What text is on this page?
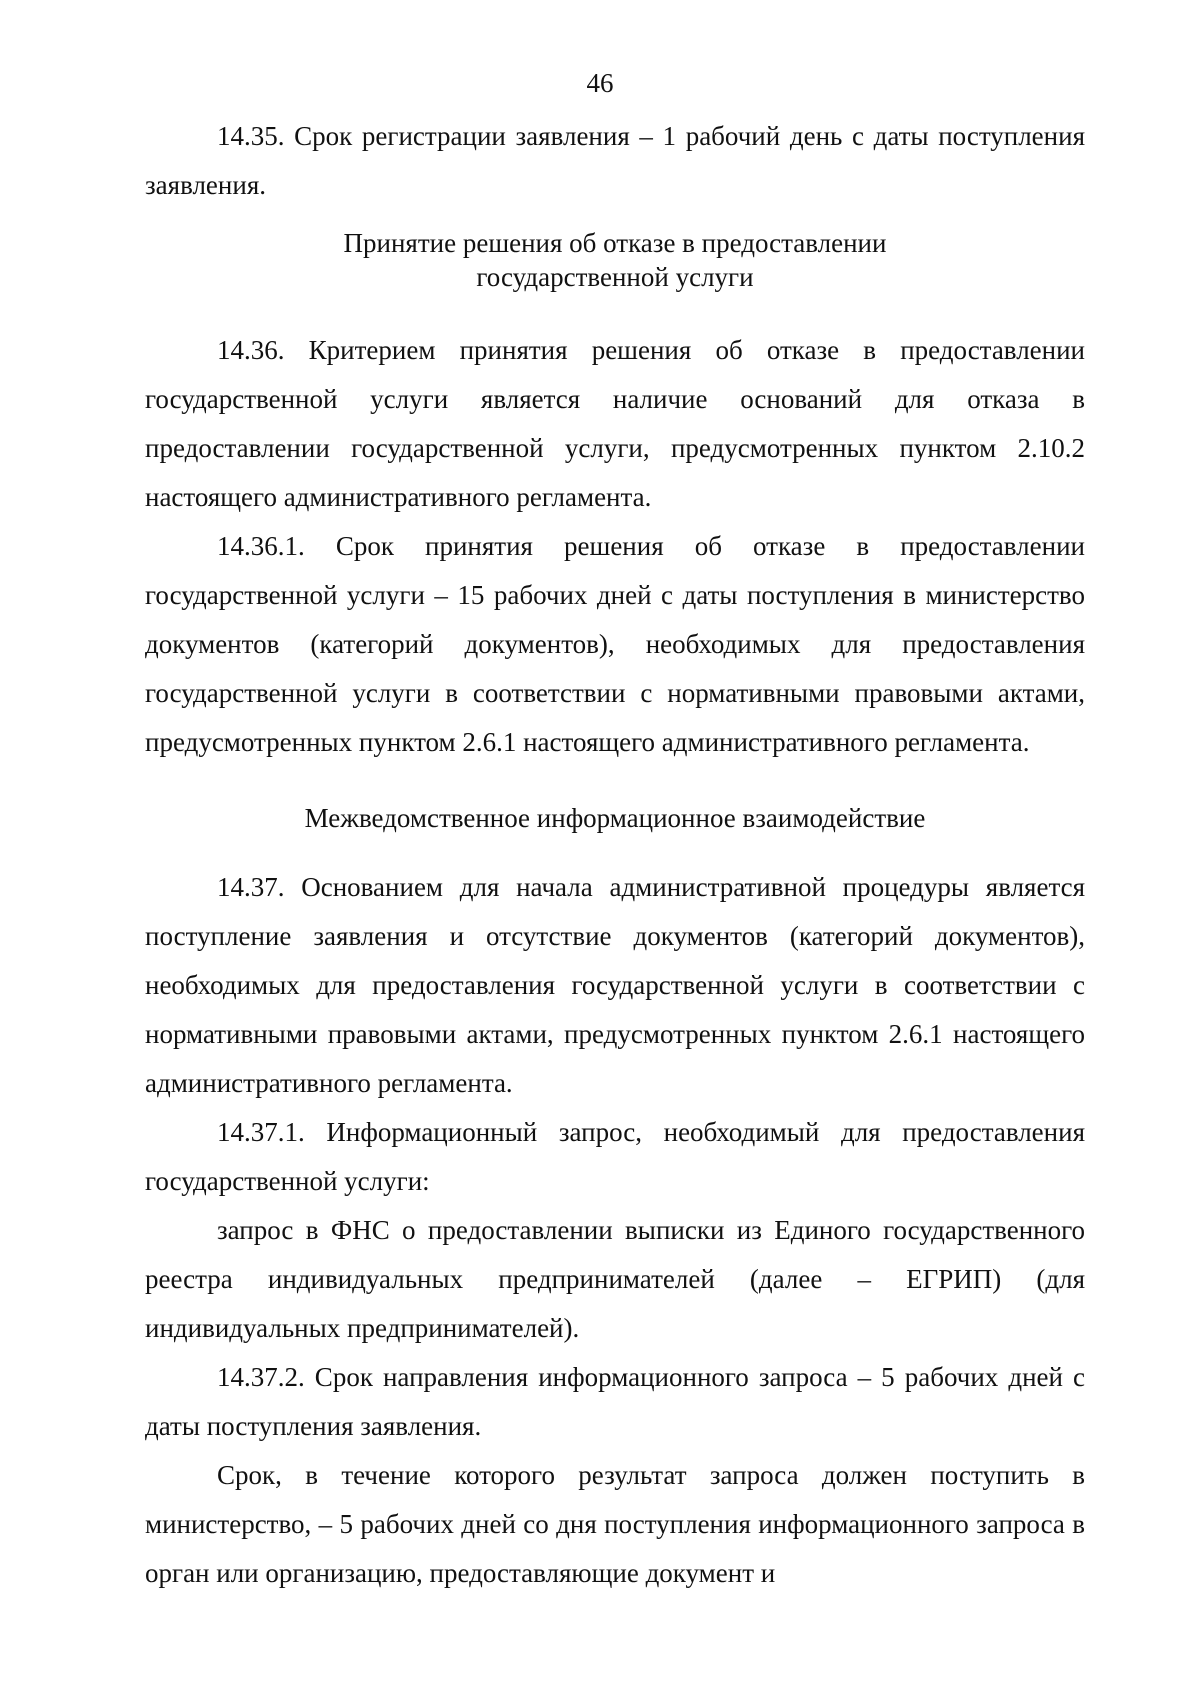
46

14.35. Срок регистрации заявления – 1 рабочий день с даты поступления заявления.

Принятие решения об отказе в предоставлении
государственной услуги

14.36. Критерием принятия решения об отказе в предоставлении государственной услуги является наличие оснований для отказа в предоставлении государственной услуги, предусмотренных пунктом 2.10.2 настоящего административного регламента.

14.36.1. Срок принятия решения об отказе в предоставлении государственной услуги – 15 рабочих дней с даты поступления в министерство документов (категорий документов), необходимых для предоставления государственной услуги в соответствии с нормативными правовыми актами, предусмотренных пунктом 2.6.1 настоящего административного регламента.

Межведомственное информационное взаимодействие

14.37. Основанием для начала административной процедуры является поступление заявления и отсутствие документов (категорий документов), необходимых для предоставления государственной услуги в соответствии с нормативными правовыми актами, предусмотренных пунктом 2.6.1 настоящего административного регламента.

14.37.1. Информационный запрос, необходимый для предоставления государственной услуги:

запрос в ФНС о предоставлении выписки из Единого государственного реестра индивидуальных предпринимателей (далее – ЕГРИП) (для индивидуальных предпринимателей).

14.37.2. Срок направления информационного запроса – 5 рабочих дней с даты поступления заявления.

Срок, в течение которого результат запроса должен поступить в министерство, – 5 рабочих дней со дня поступления информационного запроса в орган или организацию, предоставляющие документ и
